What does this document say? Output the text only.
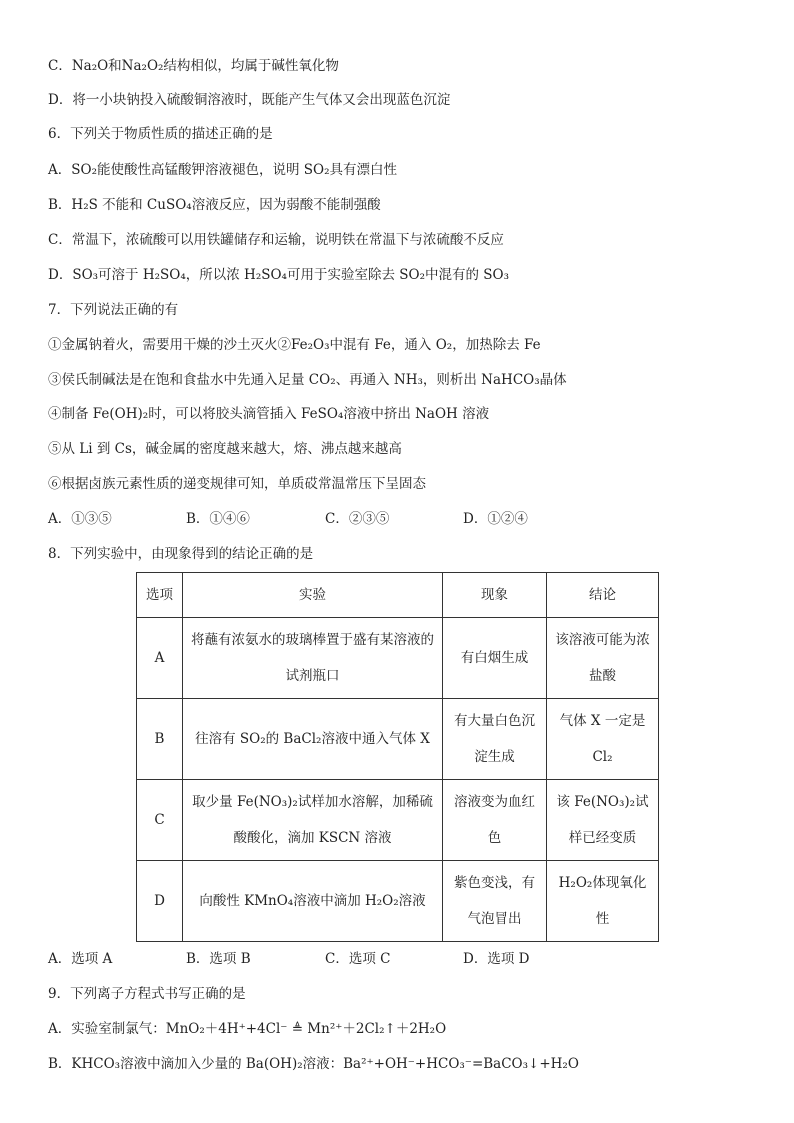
C．Na₂O和Na₂O₂结构相似，均属于碱性氧化物
D．将一小块钠投入硫酸铜溶液时，既能产生气体又会出现蓝色沉淀
6．下列关于物质性质的描述正确的是
A．SO₂能使酸性高锰酸钾溶液褪色，说明 SO₂具有漂白性
B．H₂S 不能和 CuSO₄溶液反应，因为弱酸不能制强酸
C．常温下，浓硫酸可以用铁罐储存和运输，说明铁在常温下与浓硫酸不反应
D．SO₃可溶于 H₂SO₄，所以浓 H₂SO₄可用于实验室除去 SO₂中混有的 SO₃
7．下列说法正确的有
①金属钠着火，需要用干燥的沙土灭火②Fe₂O₃中混有 Fe，通入 O₂，加热除去 Fe
③侯氏制碱法是在饱和食盐水中先通入足量 CO₂、再通入 NH₃，则析出 NaHCO₃晶体
④制备 Fe(OH)₂时，可以将胶头滴管插入 FeSO₄溶液中挤出 NaOH 溶液
⑤从 Li 到 Cs，碱金属的密度越来越大，熔、沸点越来越高
⑥根据卤族元素性质的递变规律可知，单质砹常温常压下呈固态
A．①③⑤	B．①④⑥	C．②③⑤	D．①②④
8．下列实验中，由现象得到的结论正确的是
选项	实验	现象	结论
A	将蘸有浓氨水的玻璃棒置于盛有某溶液的试剂瓶口	有白烟生成	该溶液可能为浓盐酸
B	往溶有 SO₂的 BaCl₂溶液中通入气体 X	有大量白色沉淀生成	气体 X 一定是 Cl₂
C	取少量 Fe(NO₃)₂试样加水溶解，加稀硫酸酸化，滴加 KSCN 溶液	溶液变为血红色	该 Fe(NO₃)₂试样已经变质
D	向酸性 KMnO₄溶液中滴加 H₂O₂溶液	紫色变浅，有气泡冒出	H₂O₂体现氧化性
A．选项 A	B．选项 B	C．选项 C	D．选项 D
9．下列离子方程式书写正确的是
A．实验室制氯气：MnO₂＋4H⁺+4Cl⁻ ≜ Mn²⁺＋2Cl₂↑＋2H₂O
B．KHCO₃溶液中滴加入少量的 Ba(OH)₂溶液：Ba²⁺+OH⁻+HCO₃⁻=BaCO₃↓+H₂O
